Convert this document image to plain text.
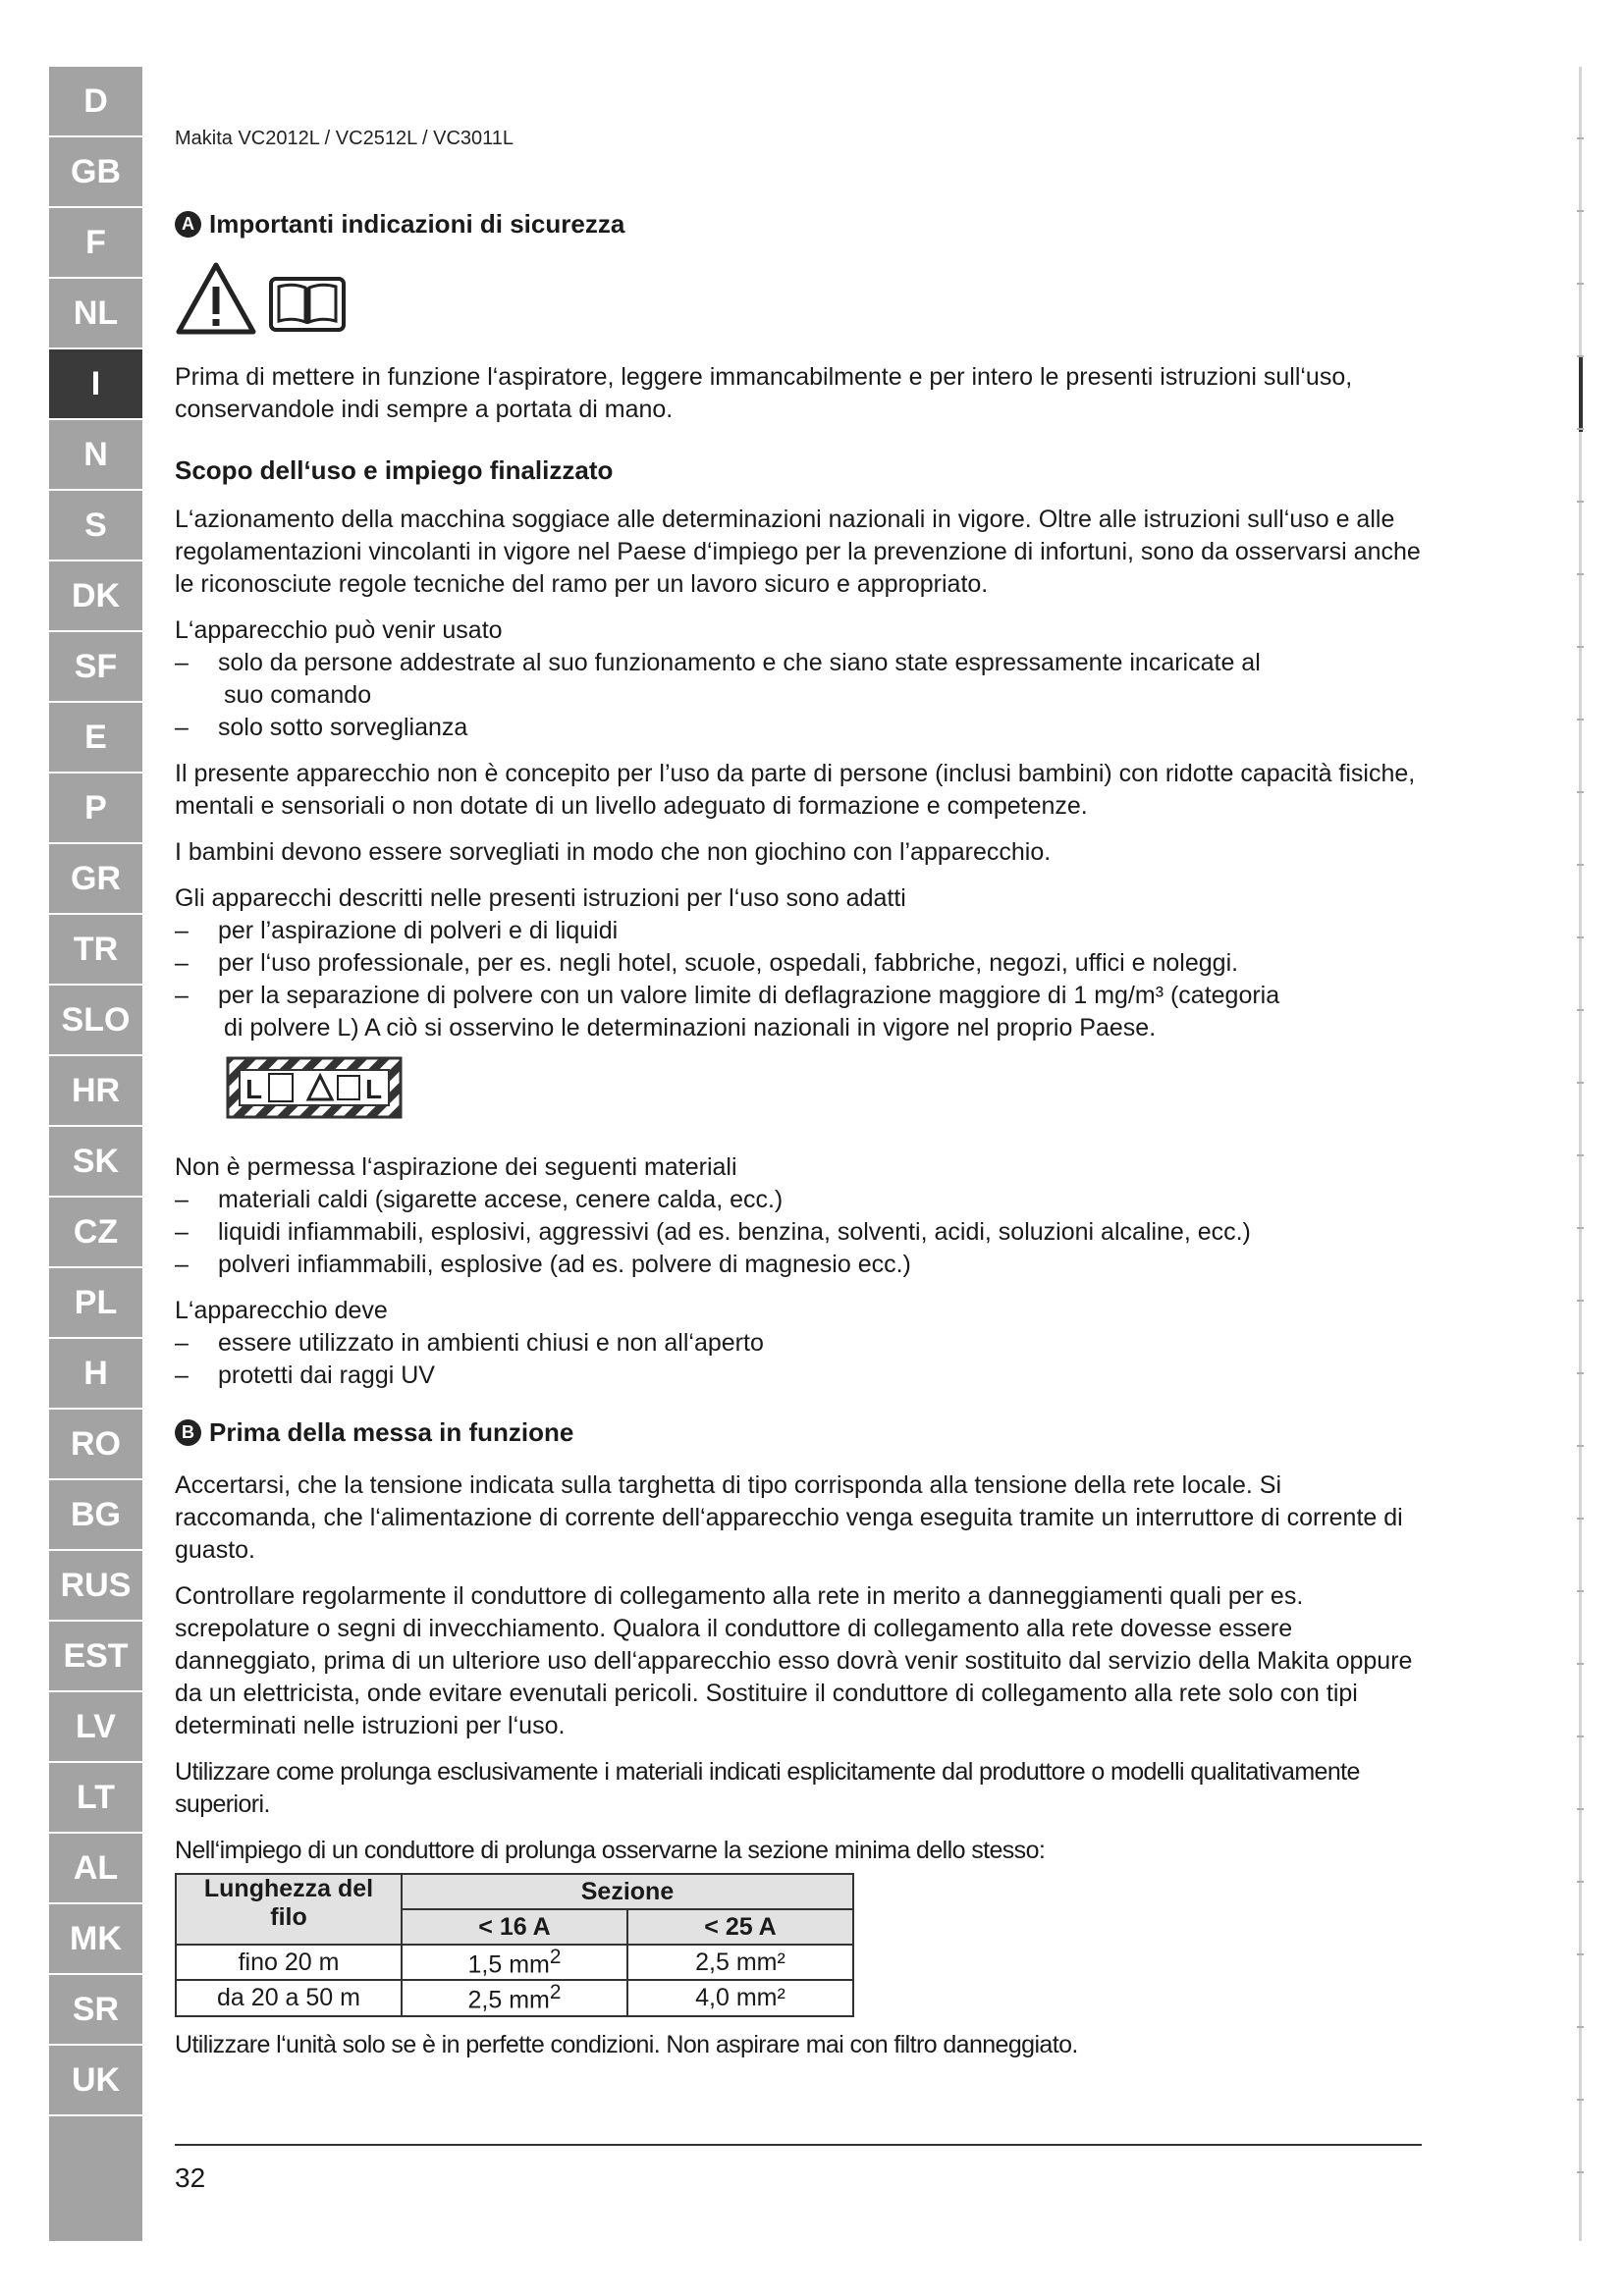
D
GB
F
NL
I
N
S
DK
SF
E
P
GR
TR
SLO
HR
SK
CZ
PL
H
RO
BG
RUS
EST
LV
LT
AL
MK
SR
UK
Makita VC2012L / VC2512L / VC3011L
A Importanti indicazioni di sicurezza

Prima di mettere in funzione l‘aspiratore, leggere immancabilmente e per intero le presenti istruzioni sull‘uso, conservandole indi sempre a portata di mano.

Scopo dell‘uso e impiego finalizzato

L‘azionamento della macchina soggiace alle determinazioni nazionali in vigore. Oltre alle istruzioni sull‘uso e alle regolamentazioni vincolanti in vigore nel Paese d‘impiego per la prevenzione di infortuni, sono da osservarsi anche le riconosciute regole tecniche del ramo per un lavoro sicuro e appropriato.

L‘apparecchio può venir usato

– solo da persone addestrate al suo funzionamento e che siano state espressamente incaricate al
suo comando
– solo sotto sorveglianza

Il presente apparecchio non è concepito per l’uso da parte di persone (inclusi bambini) con ridotte capacità fisiche, mentali e sensoriali o non dotate di un livello adeguato di formazione e competenze.

I bambini devono essere sorvegliati in modo che non giochino con l’apparecchio.

Gli apparecchi descritti nelle presenti istruzioni per l‘uso sono adatti

– per l’aspirazione di polveri e di liquidi
– per l‘uso professionale, per es. negli hotel, scuole, ospedali, fabbriche, negozi, uffici e noleggi.
– per la separazione di polvere con un valore limite di deflagrazione maggiore di 1 mg/m³ (categoria
di polvere L) A ciò si osservino le determinazioni nazionali in vigore nel proprio Paese.
L	L

Non è permessa l‘aspirazione dei seguenti materiali

– materiali caldi (sigarette accese, cenere calda, ecc.)
– liquidi infiammabili, esplosivi, aggressivi (ad es. benzina, solventi, acidi, soluzioni alcaline, ecc.)
– polveri infiammabili, esplosive (ad es. polvere di magnesio ecc.)

L‘apparecchio deve

– essere utilizzato in ambienti chiusi e non all‘aperto
– protetti dai raggi UV
B Prima della messa in funzione

Accertarsi, che la tensione indicata sulla targhetta di tipo corrisponda alla tensione della rete locale. Si raccomanda, che l‘alimentazione di corrente dell‘apparecchio venga eseguita tramite un interruttore di corrente di guasto.

Controllare regolarmente il conduttore di collegamento alla rete in merito a danneggiamenti quali per es. screpolature o segni di invecchiamento. Qualora il conduttore di collegamento alla rete dovesse essere danneggiato, prima di un ulteriore uso dell‘apparecchio esso dovrà venir sostituito dal servizio della Makita oppure da un elettricista, onde evitare evenutali pericoli. Sostituire il conduttore di collegamento alla rete solo con tipi determinati nelle istruzioni per l‘uso.

Utilizzare come prolunga esclusivamente i materiali indicati esplicitamente dal produttore o modelli qualitativamente superiori.

Nell‘impiego di un conduttore di prolunga osservarne la sezione minima dello stesso:

Lunghezza del filo	Sezione	
	< 16 A	< 25 A
fino 20 m	1,5 $mm^2$	2,5 mm²
da 20 a 50 m	2,5 $mm^2$	4,0 mm²

Utilizzare l‘unità solo se è in perfette condizioni. Non aspirare mai con filtro danneggiato.

32
